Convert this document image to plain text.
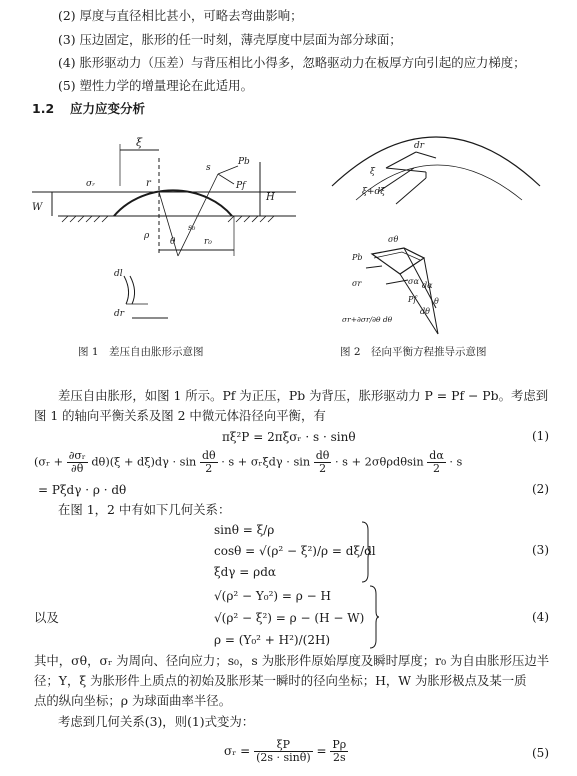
(2) 厚度与直径相比甚小，可略去弯曲影响；
(3) 压边固定，胀形的任一时刻，薄壳厚度中层面为部分球面；
(4) 胀形驱动力（压差）与背压相比小得多，忽略驱动力在板厚方向引起的应力梯度；
(5) 塑性力学的增量理论在此适用。
1.2 应力应变分析
ξ
r
W
H
σᵣ
s
Pb
Pf
s₀
ρ
θ	r₀
dl
dr
图 1　差压自由胀形示意图
dr
ξ
ξ+dξ
σθ
Pb
σα
Pf
dα
dθ
θ
σr
σr+∂σr/∂θ dθ
图 2　径向平衡方程推导示意图
差压自由胀形，如图 1 所示。Pf 为正压，Pb 为背压，胀形驱动力 P = Pf − Pb。考虑到
图 1 的轴向平衡关系及图 2 中微元体沿径向平衡，有
πξ²P = 2πξσᵣ · s · sinθ	(1)
(σᵣ + $\frac{\text{∂σᵣ}}{\partial\theta} d\theta)(\xi + d\xi)d\gamma \cdot \sin \frac{d\theta}{2} \cdot s$ + σᵣξdγ · $\sin \frac{d\theta}{2} \cdot s + 2\sigma\theta\rho d\theta\sin \frac{d\alpha}{2} \cdot s$
= Pξdγ · ρ · dθ	(2)
在图 1，2 中有如下几何关系：
sinθ = ξ/ρ
cosθ = √(ρ² − ξ²)/ρ = dξ/dl
ξdγ = ρdα
(3)
以及
√(ρ² − Y₀²) = ρ − H
√(ρ² − ξ²) = ρ − (H − W)
ρ = (Y₀² + H²)/(2H)
(4)
其中，σθ，σᵣ 为周向、径向应力；s₀，s 为胀形件原始厚度及瞬时厚度；r₀ 为自由胀形压边半
径；Y，ξ 为胀形件上质点的初始及胀形某一瞬时的径向坐标；H，W 为胀形极点及某一质
点的纵向坐标；ρ 为球面曲率半径。
考虑到几何关系(3)，则(1)式变为：
σᵣ = $\frac{\xi P}{(2s \cdot \sin\theta)} = \frac{P\rho}{2s}$	(5)
